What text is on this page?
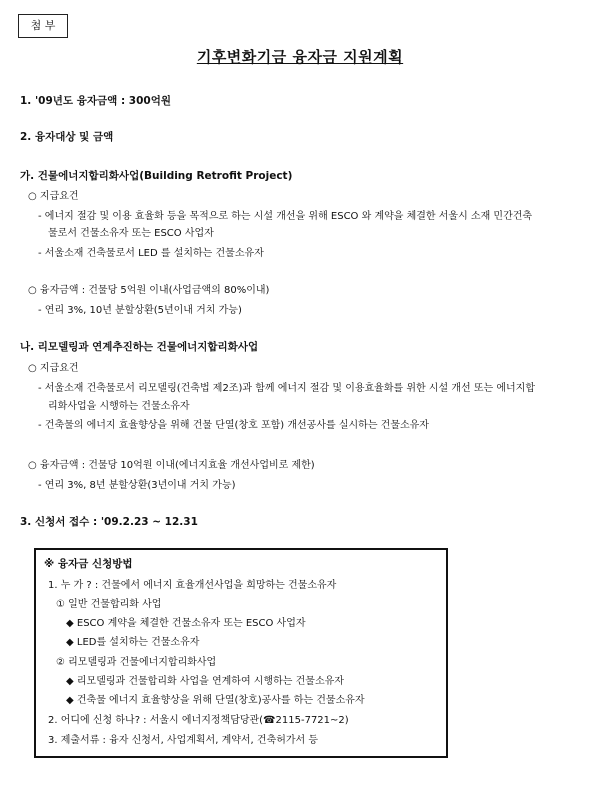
첨 부
기후변화기금 융자금 지원계획
1. '09년도 융자금액 : 300억원
2. 융자대상 및 금액
가. 건물에너지합리화사업(Building Retrofit Project)
○ 지급요건
- 에너지 절감 및 이용 효율화 등을 목적으로 하는 시설 개선을 위해 ESCO 와 계약을 체결한 서울시 소재 민간건축
물로서 건물소유자 또는 ESCO 사업자
- 서울소재 건축물로서 LED 를 설치하는 건물소유자
○ 융자금액 : 건물당 5억원 이내(사업금액의 80%이내)
- 연리 3%, 10년 분할상환(5년이내 거치 가능)
나. 리모델링과 연계추진하는 건물에너지합리화사업
○ 지급요건
- 서울소재 건축물로서 리모델링(건축법 제2조)과 함께 에너지 절감 및 이용효율화를 위한 시설 개선 또는 에너지합
리화사업을 시행하는 건물소유자
- 건축물의 에너지 효율향상을 위해 건물 단열(창호 포함) 개선공사를 실시하는 건물소유자
○ 융자금액 : 건물당 10억원 이내(에너지효율 개선사업비로 제한)
- 연리 3%, 8년 분할상환(3년이내 거치 가능)
3. 신청서 접수 : '09.2.23 ~ 12.31
※ 융자금 신청방법
1. 누 가 ? : 건물에서 에너지 효율개선사업을 희망하는 건물소유자
① 일반 건물합리화 사업
◆ ESCO 계약을 체결한 건물소유자 또는 ESCO 사업자
◆ LED를 설치하는 건물소유자
② 리모델링과 건물에너지합리화사업
◆ 리모델링과 건물합리화 사업을 연계하여 시행하는 건물소유자
◆ 건축물 에너지 효율향상을 위해 단열(창호)공사를 하는 건물소유자
2. 어디에 신청 하나? : 서울시 에너지정책담당관(☎2115-7721~2)
3. 제출서류 : 융자 신청서, 사업계획서, 계약서, 건축허가서 등
